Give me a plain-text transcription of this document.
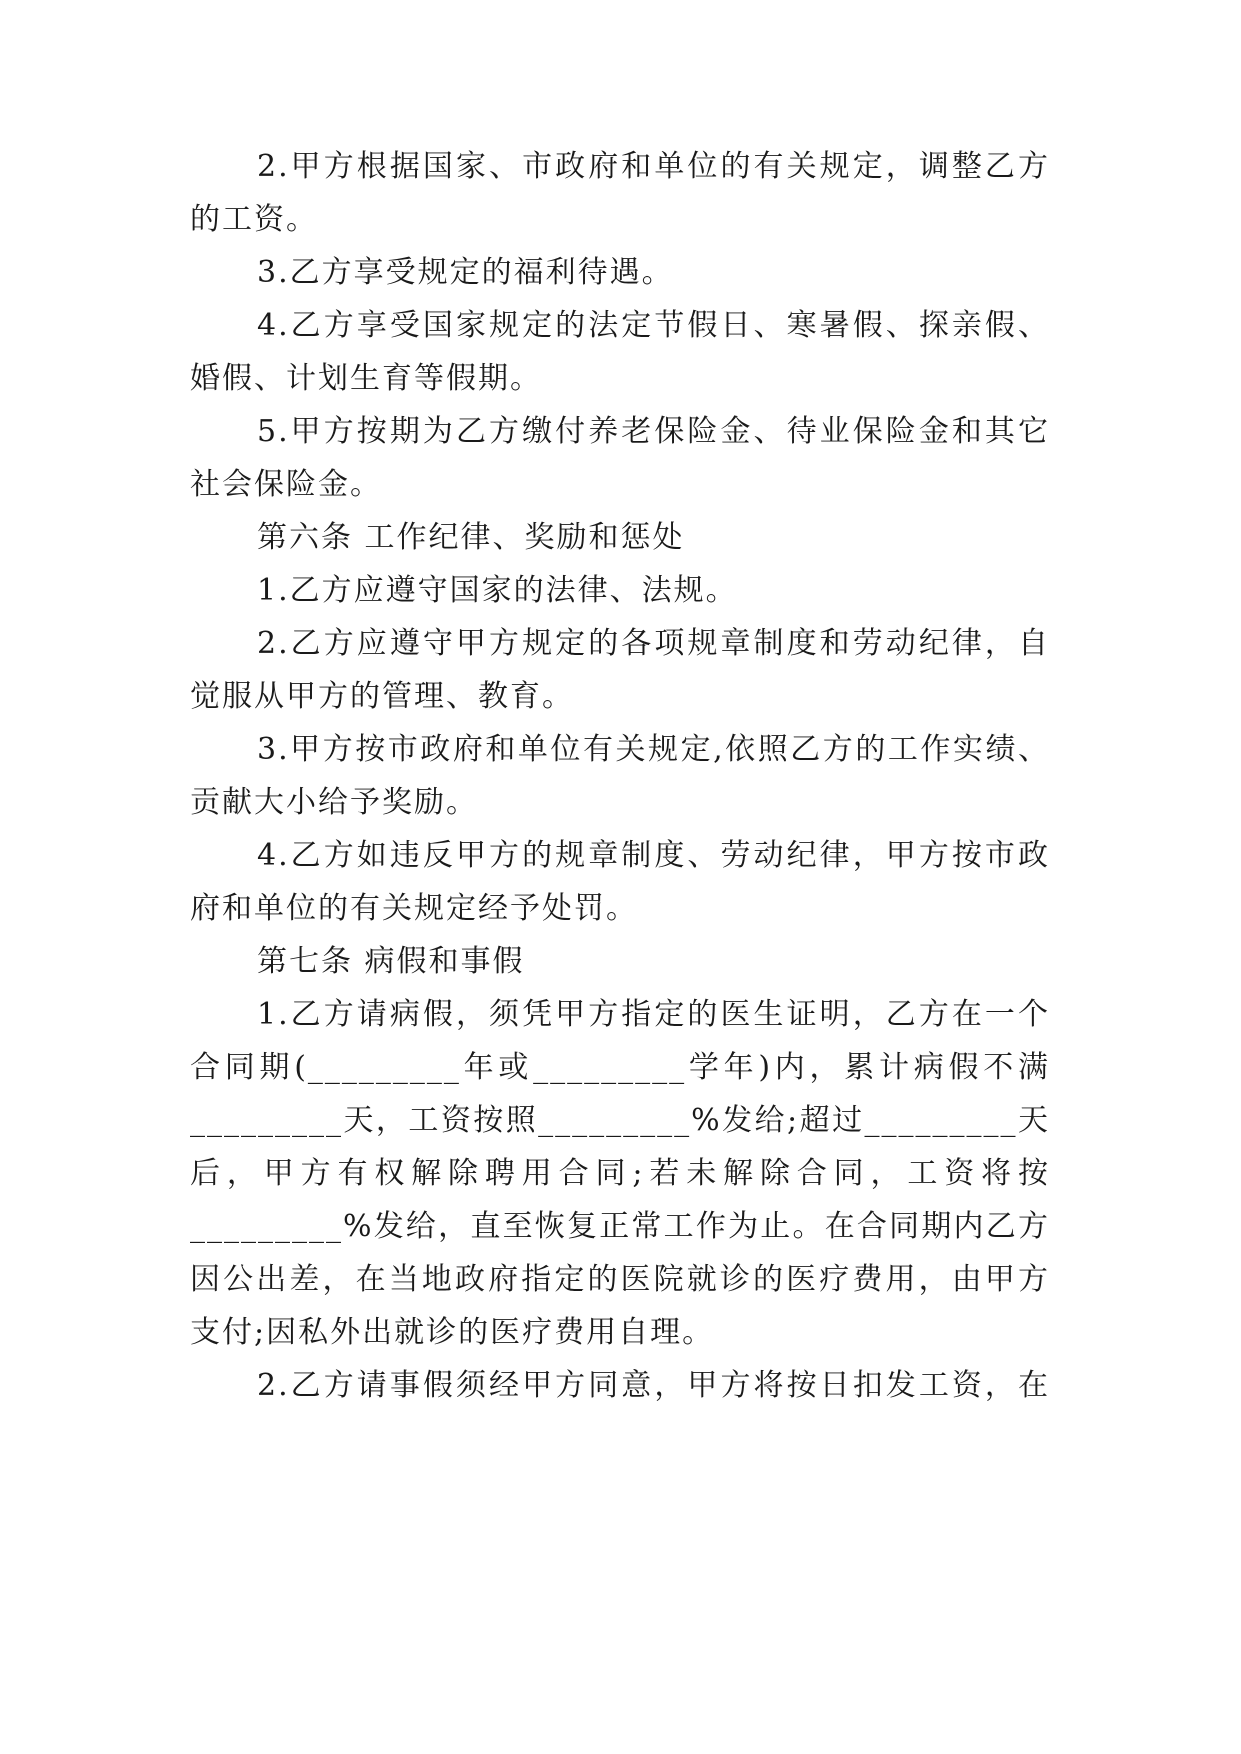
2.甲方根据国家、市政府和单位的有关规定，调整乙方
的工资。
3.乙方享受规定的福利待遇。
4.乙方享受国家规定的法定节假日、寒暑假、探亲假、
婚假、计划生育等假期。
5.甲方按期为乙方缴付养老保险金、待业保险金和其它
社会保险金。
第六条 工作纪律、奖励和惩处
1.乙方应遵守国家的法律、法规。
2.乙方应遵守甲方规定的各项规章制度和劳动纪律，自
觉服从甲方的管理、教育。
3.甲方按市政府和单位有关规定,依照乙方的工作实绩、
贡献大小给予奖励。
4.乙方如违反甲方的规章制度、劳动纪律，甲方按市政
府和单位的有关规定经予处罚。
第七条 病假和事假
1.乙方请病假，须凭甲方指定的医生证明，乙方在一个
合同期(_________年或_________学年)内，累计病假不满
_________天，工资按照_________%发给;超过_________天
后，甲方有权解除聘用合同;若未解除合同，工资将按
_________%发给，直至恢复正常工作为止。在合同期内乙方
因公出差，在当地政府指定的医院就诊的医疗费用，由甲方
支付;因私外出就诊的医疗费用自理。
2.乙方请事假须经甲方同意，甲方将按日扣发工资，在
